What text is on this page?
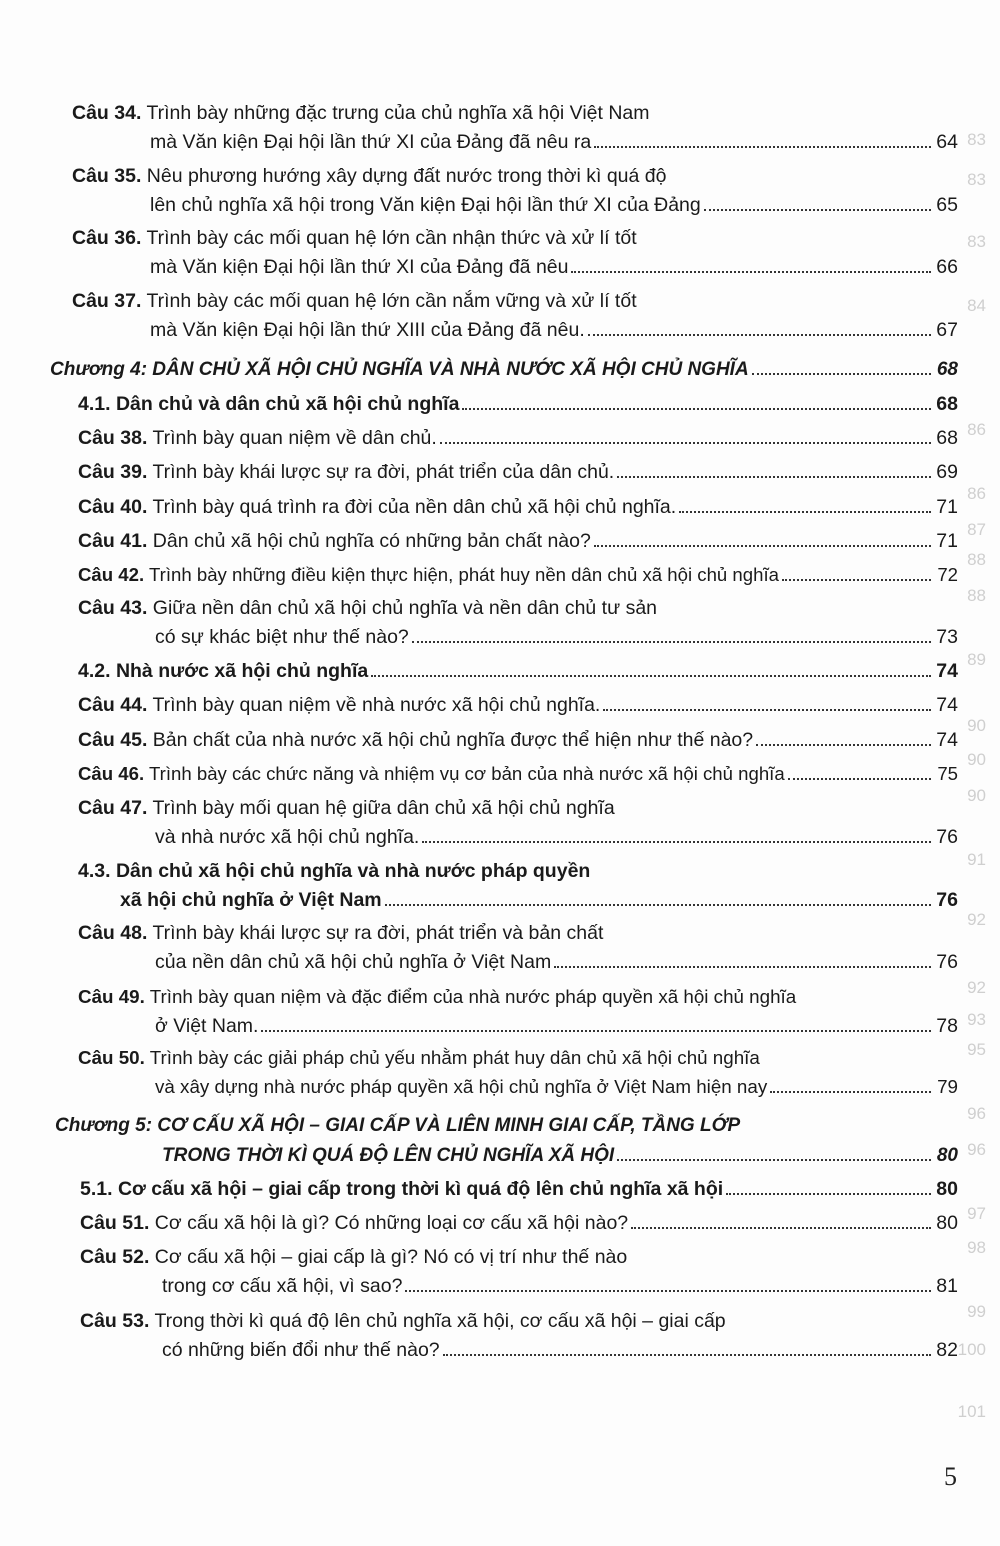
Câu 34. Trình bày những đặc trưng của chủ nghĩa xã hội Việt Nam
mà Văn kiện Đại hội lần thứ XI của Đảng đã nêu ra	64
Câu 35. Nêu phương hướng xây dựng đất nước trong thời kì quá độ
lên chủ nghĩa xã hội trong Văn kiện Đại hội lần thứ XI của Đảng	65
Câu 36. Trình bày các mối quan hệ lớn cần nhận thức và xử lí tốt
mà Văn kiện Đại hội lần thứ XI của Đảng đã nêu	66
Câu 37. Trình bày các mối quan hệ lớn cần nắm vững và xử lí tốt
mà Văn kiện Đại hội lần thứ XIII của Đảng đã nêu.	67
Chương 4: DÂN CHỦ XÃ HỘI CHỦ NGHĨA VÀ NHÀ NƯỚC XÃ HỘI CHỦ NGHĨA	68
4.1. Dân chủ và dân chủ xã hội chủ nghĩa	68
Câu 38. Trình bày quan niệm về dân chủ.	68
Câu 39. Trình bày khái lược sự ra đời, phát triển của dân chủ.	69
Câu 40. Trình bày quá trình ra đời của nền dân chủ xã hội chủ nghĩa.	71
Câu 41. Dân chủ xã hội chủ nghĩa có những bản chất nào?	71
Câu 42. Trình bày những điều kiện thực hiện, phát huy nền dân chủ xã hội chủ nghĩa	72
Câu 43. Giữa nền dân chủ xã hội chủ nghĩa và nền dân chủ tư sản
có sự khác biệt như thế nào?	73
4.2. Nhà nước xã hội chủ nghĩa	74
Câu 44. Trình bày quan niệm về nhà nước xã hội chủ nghĩa.	74
Câu 45. Bản chất của nhà nước xã hội chủ nghĩa được thể hiện như thế nào?	74
Câu 46. Trình bày các chức năng và nhiệm vụ cơ bản của nhà nước xã hội chủ nghĩa	75
Câu 47. Trình bày mối quan hệ giữa dân chủ xã hội chủ nghĩa
và nhà nước xã hội chủ nghĩa.	76
4.3. Dân chủ xã hội chủ nghĩa và nhà nước pháp quyền
xã hội chủ nghĩa ở Việt Nam	76
Câu 48. Trình bày khái lược sự ra đời, phát triển và bản chất
của nền dân chủ xã hội chủ nghĩa ở Việt Nam	76
Câu 49. Trình bày quan niệm và đặc điểm của nhà nước pháp quyền xã hội chủ nghĩa
ở Việt Nam.	78
Câu 50. Trình bày các giải pháp chủ yếu nhằm phát huy dân chủ xã hội chủ nghĩa
và xây dựng nhà nước pháp quyền xã hội chủ nghĩa ở Việt Nam hiện nay	79
Chương 5: CƠ CẤU XÃ HỘI – GIAI CẤP VÀ LIÊN MINH GIAI CẤP, TẦNG LỚP
TRONG THỜI KÌ QUÁ ĐỘ LÊN CHỦ NGHĨA XÃ HỘI	80
5.1. Cơ cấu xã hội – giai cấp trong thời kì quá độ lên chủ nghĩa xã hội	80
Câu 51. Cơ cấu xã hội là gì? Có những loại cơ cấu xã hội nào?	80
Câu 52. Cơ cấu xã hội – giai cấp là gì? Nó có vị trí như thế nào
trong cơ cấu xã hội, vì sao?	81
Câu 53. Trong thời kì quá độ lên chủ nghĩa xã hội, cơ cấu xã hội – giai cấp
có những biến đổi như thế nào?	82
83
83
83
84
86
86
87
88
88
89
90
90
90
91
92
92
93
95
96
96
97
98
99
100
101
5
